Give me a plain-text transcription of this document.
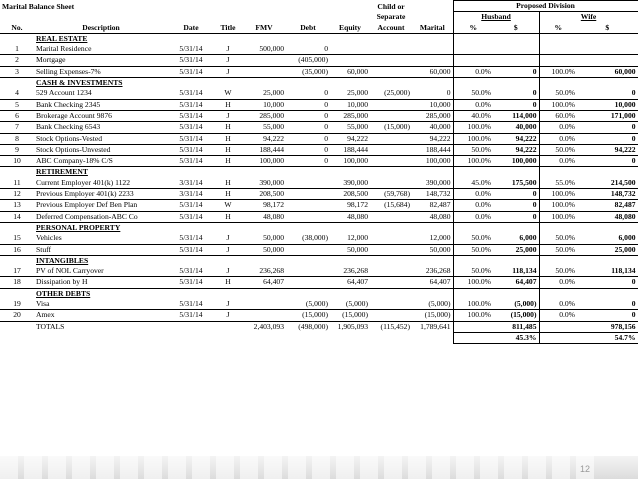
Marital Balance Sheet							Child or		Proposed Division			
							Separate		Husband		Wife	
No.	Description	Date	Title	FMV	Debt	Equity	Account	Marital	%	$	%	$
	REAL ESTATE											
1	Marital Residence	5/31/14	J	500,000	0							
2	Mortgage	5/31/14	J		(405,000)							
3	Selling Expenses-7%	5/31/14	J		(35,000)	60,000		60,000	0.0%	0	100.0%	60,000
	CASH & INVESTMENTS											
4	529 Account 1234	5/31/14	W	25,000	0	25,000	(25,000)	0	50.0%	0	50.0%	0
5	Bank Checking 2345	5/31/14	H	10,000	0	10,000		10,000	0.0%	0	100.0%	10,000
6	Brokerage Account 9876	5/31/14	J	285,000	0	285,000		285,000	40.0%	114,000	60.0%	171,000
7	Bank Checking 6543	5/31/14	H	55,000	0	55,000	(15,000)	40,000	100.0%	40,000	0.0%	0
8	Stock Options-Vested	5/31/14	H	94,222	0	94,222		94,222	100.0%	94,222	0.0%	0
9	Stock Options-Unvested	5/31/14	H	188,444	0	188,444		188,444	50.0%	94,222	50.0%	94,222
10	ABC Company-18% C/S	5/31/14	H	100,000	0	100,000		100,000	100.0%	100,000	0.0%	0
	RETIREMENT											
11	Current Employer 401(k) 1122	3/31/14	H	390,000		390,000		390,000	45.0%	175,500	55.0%	214,500
12	Previous Employer 401(k) 2233	3/31/14	H	208,500		208,500	(59,768)	148,732	0.0%	0	100.0%	148,732
13	Previous Employer Def Ben Plan	5/31/14	W	98,172		98,172	(15,684)	82,487	0.0%	0	100.0%	82,487
14	Deferred Compensation-ABC Co	5/31/14	H	48,080		48,080		48,080	0.0%	0	100.0%	48,080
	PERSONAL PROPERTY											
15	Vehicles	5/31/14	J	50,000	(38,000)	12,000		12,000	50.0%	6,000	50.0%	6,000
16	Stuff	5/31/14	J	50,000		50,000		50,000	50.0%	25,000	50.0%	25,000
	INTANGIBLES											
17	PV of NOL Carryover	5/31/14	J	236,268		236,268		236,268	50.0%	118,134	50.0%	118,134
18	Dissipation by H	5/31/14	H	64,407		64,407		64,407	100.0%	64,407	0.0%	0
	OTHER DEBTS											
19	Visa	5/31/14	J		(5,000)	(5,000)		(5,000)	100.0%	(5,000)	0.0%	0
20	Amex	5/31/14	J		(15,000)	(15,000)		(15,000)	100.0%	(15,000)	0.0%	0
	TOTALS			2,403,093	(498,000)	1,905,093	(115,452)	1,789,641		811,485		978,156
									45.3%		54.7%	
12
